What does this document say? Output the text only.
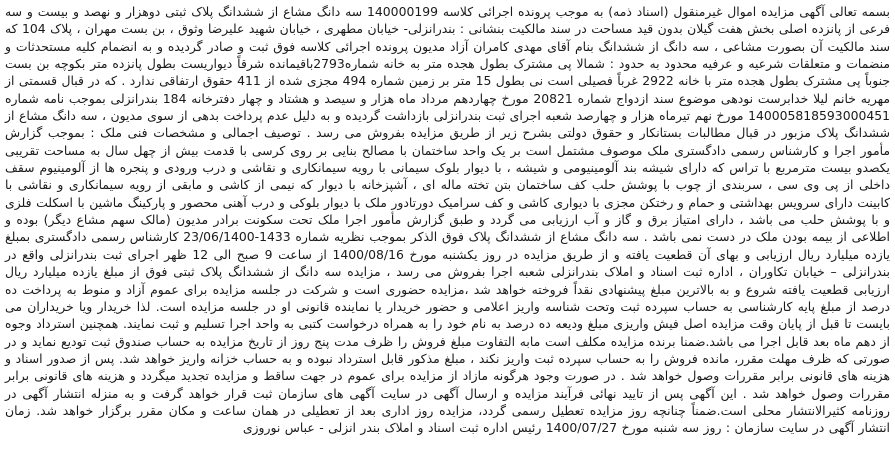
بسمه تعالی آگهی مزایده اموال غیرمنقول (اسناد ذمه) به موجب پرونده اجرائی کلاسه 140000199 سه دانگ مشاع از ششدانگ پلاک ثبتی دوهزار و نهصد و بیست و سه فرعی از پانزده اصلی بخش هفت گیلان بدون قید مساحت در سند مالکیت بنشانی : بندرانزلی- خیابان مطهری ، خیابان شهید علیرضا وثوق ، بن بست مهران ، پلاک 104 که سند مالکیت آن بصورت مشاعی ، سه دانگ از ششدانگ بنام آقای مهدی کامران آزاد مدیون پرونده اجرائی کلاسه فوق ثبت و صادر گردیده و به انضمام کلیه مستحدثات و منضمات و متعلقات شرعیه و عرفیه محدود به حدود : شمالا پی مشترک بطول هجده متر به خانه شماره2793باقیمانده شرقاً دیواریست بطول پانزده متر بکوچه بن بست جنوباً پی مشترک بطول هجده متر با خانه 2922 غرباً فصیلی است نی بطول 15 متر بر زمین شماره 494 مجزی شده از 411 حقوق ارتفاقی ندارد . که در قبال قسمتی از مهریه خانم لیلا خدابرست نودهی موضوع سند ازدواج شماره 20821 مورخ چهاردهم مرداد ماه هزار و سیصد و هشتاد و چهار دفترخانه 184 بندرانزلی بموجب نامه شماره 140005818593000451 مورخ نهم تیرماه هزار و چهارصد شعبه اجرای ثبت بندرانزلی بازداشت گردیده و به دلیل عدم پرداخت بدهی از سوی مدیون ، سه دانگ مشاع از ششدانگ پلاک مزبور در قبال مطالبات بستانکار و حقوق دولتی بشرح زیر از طریق مزایده بفروش می رسد . توصیف اجمالی و مشخصات فنی ملک : بموجب گزارش مأمور اجرا و کارشناس رسمی دادگستری ملک موصوف مشتمل است بر یک واحد ساختمان با مصالح بنایی بر روی کرسی با قدمت بیش از چهل سال به مساحت تقریبی یکصدو بیست مترمربع با تراس که دارای شیشه بند آلومینیومی و شیشه ، با دیوار بلوک سیمانی با رویه سیمانکاری و نقاشی و درب ورودی و پنجره ها از آلومینیوم سقف داخلی از پی وی سی ، سربندی از چوب با پوشش حلب کف ساختمان بتن تخته ماله ای ، آشپزخانه با دیوار که نیمی از کاشی و مابقی از رویه سیمانکاری و نقاشی با کابینت دارای سرویس بهداشتی و حمام و رختکن مجزی با دیواری کاشی و کف سرامیک دورتادور ملک با دیوار بلوکی و درب آهنی محصور و پارکینگ ماشین با اسکلت فلزی و با پوشش حلب می باشد ، دارای امتیاز برق و گاز و آب ارزیابی می گردد و طبق گزارش مأمور اجرا ملک تحت سکونت برادر مدیون (مالک سهم مشاع دیگر) بوده و اطلاعی از بیمه بودن ملک در دست نمی باشد . سه دانگ مشاع از ششدانگ پلاک فوق الذکر بموجب نظریه شماره 1433-23/06/1400 کارشناس رسمی دادگستری بمبلغ یازده میلیارد ریال ارزیابی و بهای آن قطعیت یافته و از طریق مزایده در روز یکشنبه مورخ 1400/08/16 از ساعت 9 صبح الی 12 ظهر اجرای ثبت بندرانزلی واقع در بندرانزلی – خیابان تکاوران ، اداره ثبت اسناد و املاک بندرانزلی شعبه اجرا بفروش می رسد ، مزایده سه دانگ از ششدانگ پلاک ثبتی فوق از مبلغ یازده میلیارد ریال ارزیابی قطعیت یافته شروع و به بالاترین مبلغ پیشنهادی نقداً فروخته خواهد شد ،مزایده حضوری است و شرکت در جلسه مزایده برای عموم آزاد و منوط به پرداخت ده درصد از مبلغ پایه کارشناسی به حساب سپرده ثبت وتحت شناسه واریز اعلامی و حضور خریدار یا نماینده قانونی او در جلسه مزایده است. لذا خریدار ویا خریداران می بایست تا قبل از پایان وقت مزایده اصل فیش واریزی مبلغ ودیعه ده درصد به نام خود را به همراه درخواست کتبی به واحد اجرا تسلیم و ثبت نمایند. همچنین استرداد وجوه از دهم ماه بعد قابل اجرا می باشد.ضمنا برنده مزایده مکلف است مابه التفاوت مبلغ فروش را ظرف مدت پنج روز از تاریخ مزایده به حساب صندوق ثبت تودیع نماید و در صورتی که ظرف مهلت مقرر، مانده فروش را به حساب سپرده ثبت واریز نکند ، مبلغ مذکور قابل استرداد نبوده و به حساب خزانه واریز خواهد شد. پس از صدور اسناد و هزینه های قانونی برابر مقررات وصول خواهد شد . در صورت وجود هرگونه مازاد از مزایده برای عموم در جهت ساقط و مزایده تجدید میگردد و هزینه های قانونی برابر مقررات وصول خواهد شد . این آگهی پس از تایید نهائی فرآیند مزایده و ارسال آگهی در سایت آگهی های سازمان ثبت قرار خواهد گرفت و به منزله انتشار آگهی در روزنامه کثیرالانتشار محلی است.ضمناً چنانچه روز مزایده تعطیل رسمی گردد، مزایده روز اداری بعد از تعطیلی در همان ساعت و مکان مقرر برگزار خواهد شد. زمان انتشار آگهی در سایت سازمان : روز سه شنبه مورخ 1400/07/27 رئیس اداره ثبت اسناد و املاک بندر انزلی - عباس نوروزی
